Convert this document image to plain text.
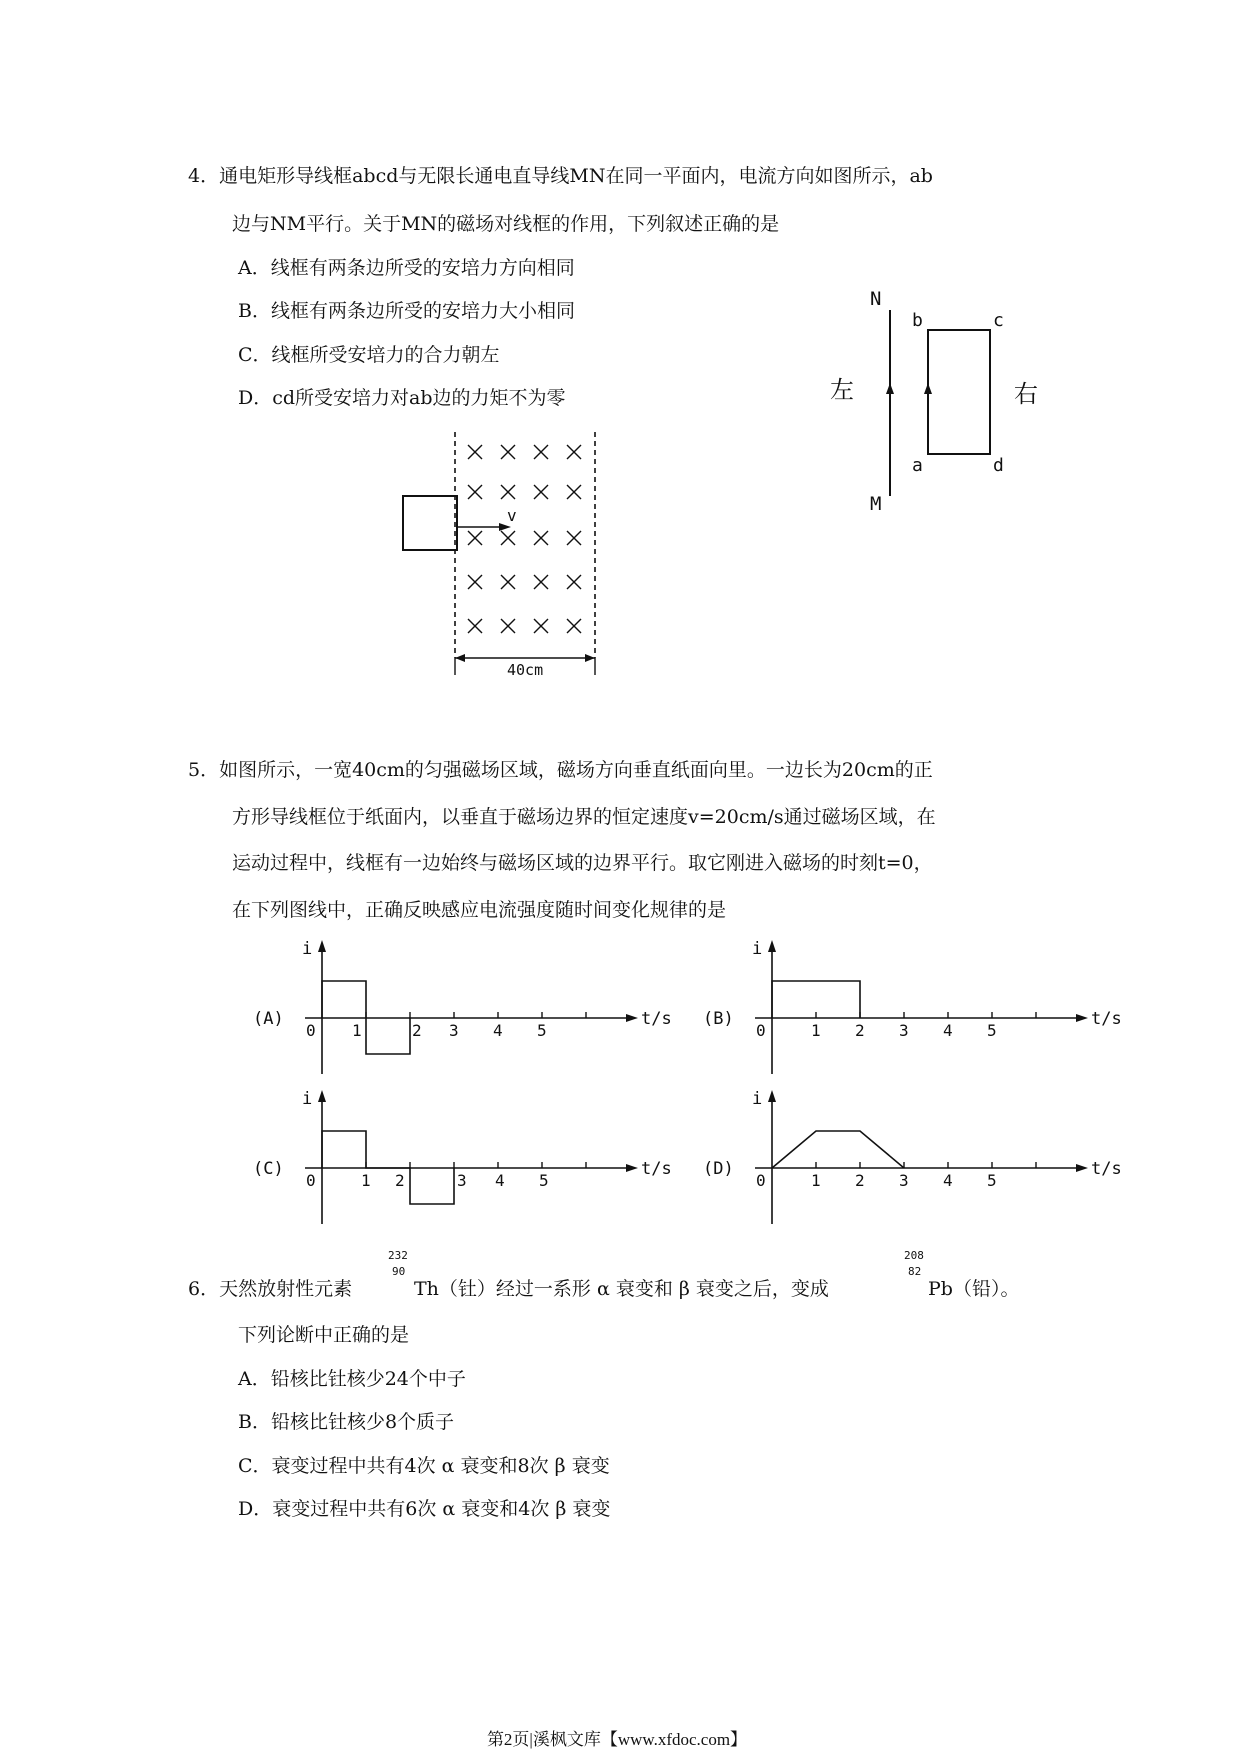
4．通电矩形导线框abcd与无限长通电直导线MN在同一平面内，电流方向如图所示，ab
边与NM平行。关于MN的磁场对线框的作用，下列叙述正确的是
A．线框有两条边所受的安培力方向相同
B．线框有两条边所受的安培力大小相同
C．线框所受安培力的合力朝左
D．cd所受安培力对ab边的力矩不为零
N
M
左	右
b	c
a	d
v
40cm
5．如图所示，一宽40cm的匀强磁场区域，磁场方向垂直纸面向里。一边长为20cm的正
方形导线框位于纸面内，以垂直于磁场边界的恒定速度v=20cm/s通过磁场区域，在
运动过程中，线框有一边始终与磁场区域的边界平行。取它刚进入磁场的时刻t=0，
在下列图线中，正确反映感应电流强度随时间变化规律的是
(A)
i
t/s
0 1	2 3 4 5
(B)
i
t/s
0	1 2 3 4 5
(C)
i
t/s
0	1 2	3 4 5
(D)
i
t/s
0	1 2 3 4 5
232
90
208
82
6．天然放射性元素	Th（钍）经过一系形 α 衰变和 β 衰变之后，变成	Pb（铅）。
下列论断中正确的是
A．铅核比钍核少24个中子
B．铅核比钍核少8个质子
C．衰变过程中共有4次 α 衰变和8次 β 衰变
D．衰变过程中共有6次 α 衰变和4次 β 衰变
第2页|溪枫文库【www.xfdoc.com】
